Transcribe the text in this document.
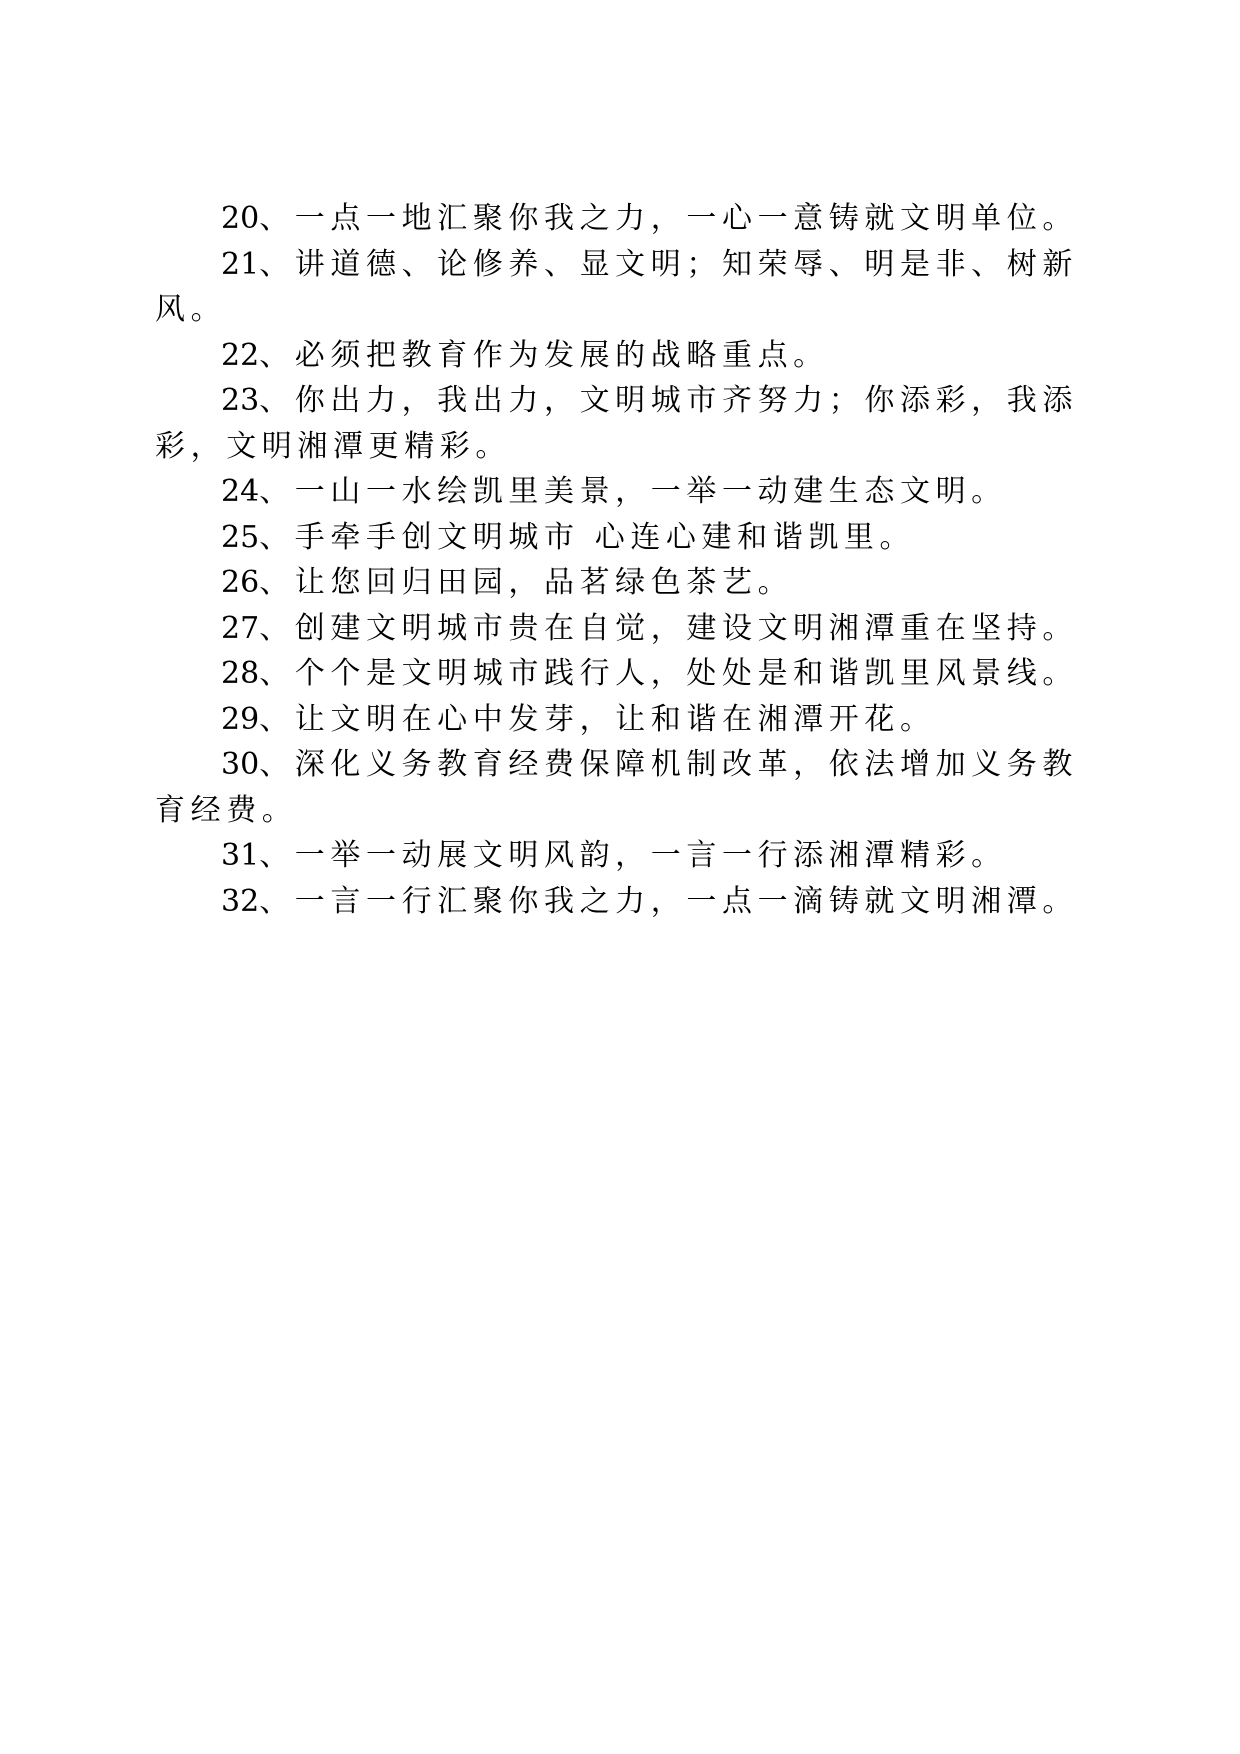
20、一点一地汇聚你我之力，一心一意铸就文明单位。

21、讲道德、论修养、显文明；知荣辱、明是非、树新风。

22、必须把教育作为发展的战略重点。

23、你出力，我出力，文明城市齐努力；你添彩，我添彩，文明湘潭更精彩。

24、一山一水绘凯里美景，一举一动建生态文明。

25、手牵手创文明城市 心连心建和谐凯里。

26、让您回归田园，品茗绿色茶艺。

27、创建文明城市贵在自觉，建设文明湘潭重在坚持。

28、个个是文明城市践行人，处处是和谐凯里风景线。

29、让文明在心中发芽，让和谐在湘潭开花。

30、深化义务教育经费保障机制改革，依法增加义务教育经费。

31、一举一动展文明风韵，一言一行添湘潭精彩。

32、一言一行汇聚你我之力，一点一滴铸就文明湘潭。
